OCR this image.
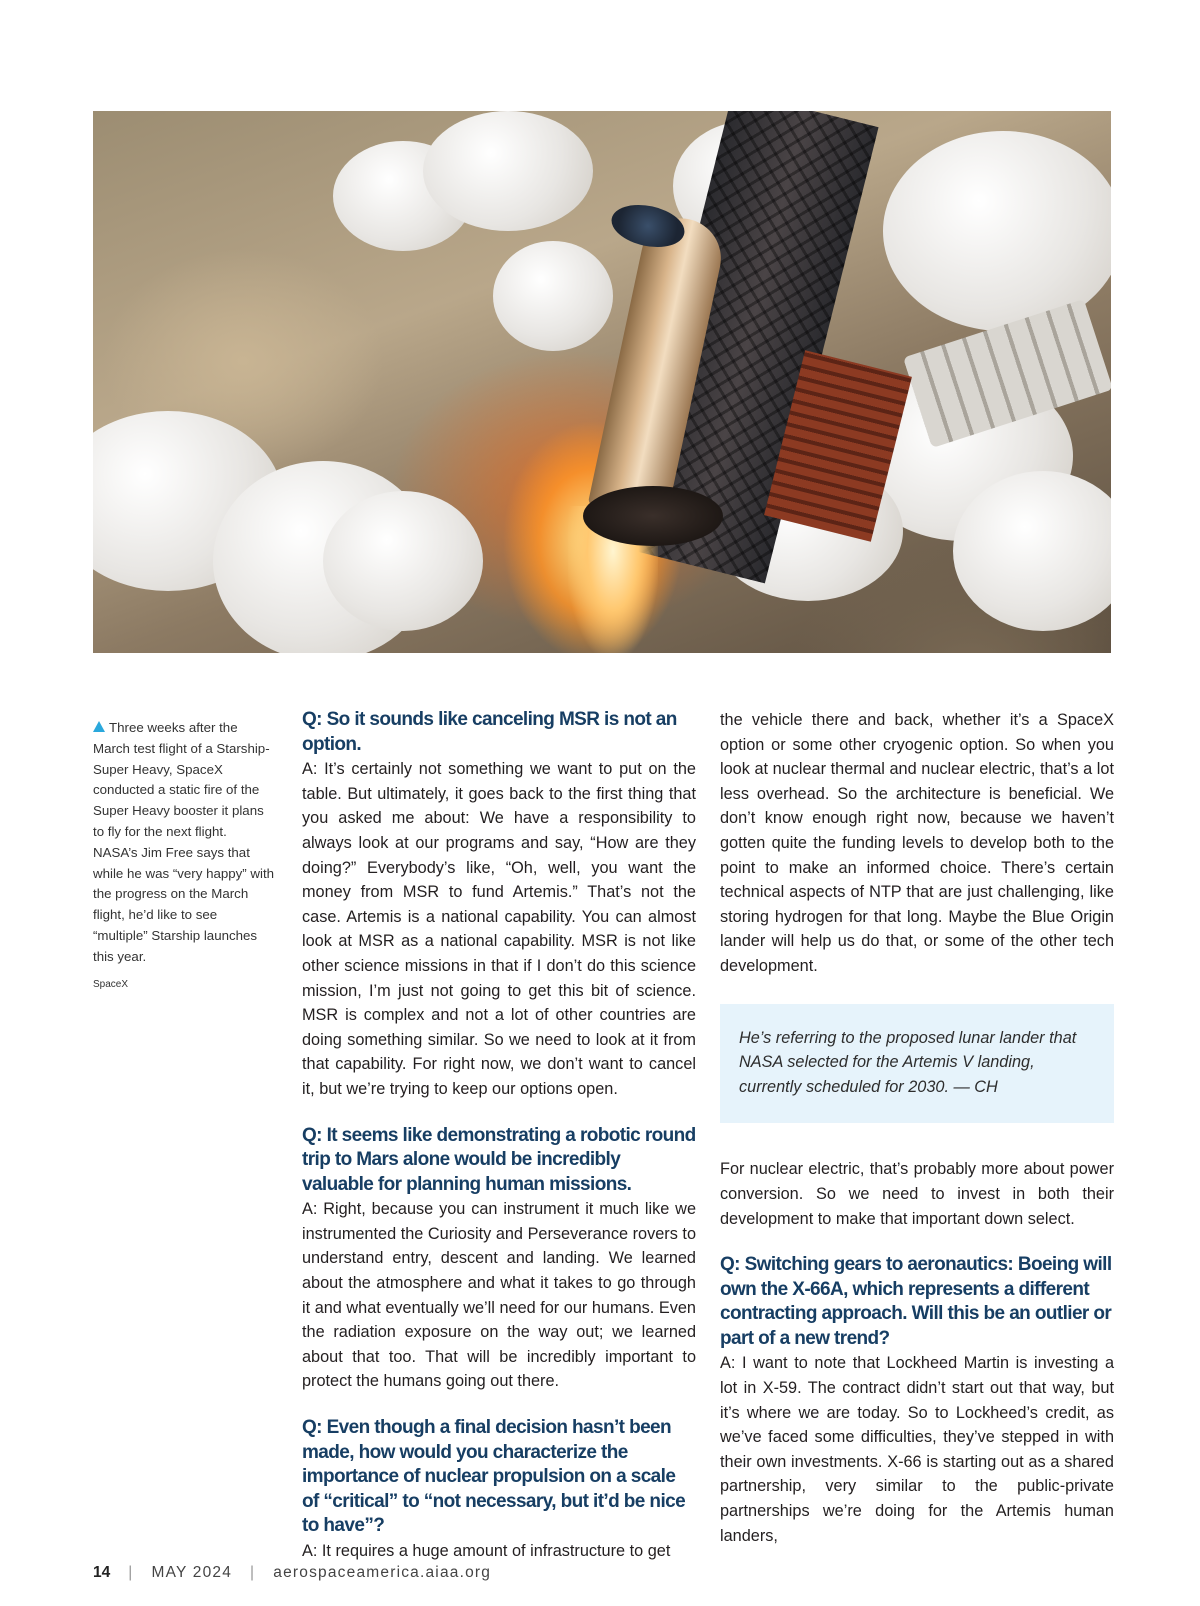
Three weeks after the March test flight of a Starship-Super Heavy, SpaceX conducted a static fire of the Super Heavy booster it plans to fly for the next flight. NASA’s Jim Free says that while he was “very happy” with the progress on the March flight, he’d like to see “multiple” Starship launches this year.
SpaceX

Q: So it sounds like canceling MSR is not an option.

A: It’s certainly not something we want to put on the table. But ultimately, it goes back to the first thing that you asked me about: We have a responsibility to always look at our programs and say, “How are they doing?” Everybody’s like, “Oh, well, you want the money from MSR to fund Artemis.” That’s not the case. Artemis is a national capability. You can almost look at MSR as a national capability. MSR is not like other science missions in that if I don’t do this science mission, I’m just not going to get this bit of science. MSR is complex and not a lot of other countries are doing something similar. So we need to look at it from that capability. For right now, we don’t want to cancel it, but we’re trying to keep our options open.

Q: It seems like demonstrating a robotic round trip to Mars alone would be incredibly valuable for planning human missions.

A: Right, because you can instrument it much like we instrumented the Curiosity and Perseverance rovers to understand entry, descent and landing. We learned about the atmosphere and what it takes to go through it and what eventually we’ll need for our humans. Even the radiation exposure on the way out; we learned about that too. That will be incredibly important to protect the humans going out there.

Q: Even though a final decision hasn’t been made, how would you characterize the importance of nuclear propulsion on a scale of “critical” to “not necessary, but it’d be nice to have”?

A: It requires a huge amount of infrastructure to get

the vehicle there and back, whether it’s a SpaceX option or some other cryogenic option. So when you look at nuclear thermal and nuclear electric, that’s a lot less overhead. So the architecture is beneficial. We don’t know enough right now, because we haven’t gotten quite the funding levels to develop both to the point to make an informed choice. There’s certain technical aspects of NTP that are just challenging, like storing hydrogen for that long. Maybe the Blue Origin lander will help us do that, or some of the other tech development.

He’s referring to the proposed lunar lander that NASA selected for the Artemis V landing, currently scheduled for 2030. — CH

For nuclear electric, that’s probably more about power conversion. So we need to invest in both their development to make that important down select.

Q: Switching gears to aeronautics: Boeing will own the X-66A, which represents a different contracting approach. Will this be an outlier or part of a new trend?

A: I want to note that Lockheed Martin is investing a lot in X-59. The contract didn’t start out that way, but it’s where we are today. So to Lockheed’s credit, as we’ve faced some difficulties, they’ve stepped in with their own investments. X-66 is starting out as a shared partnership, very similar to the public-private partnerships we’re doing for the Artemis human landers,

14 | MAY 2024 | aerospaceamerica.aiaa.org
